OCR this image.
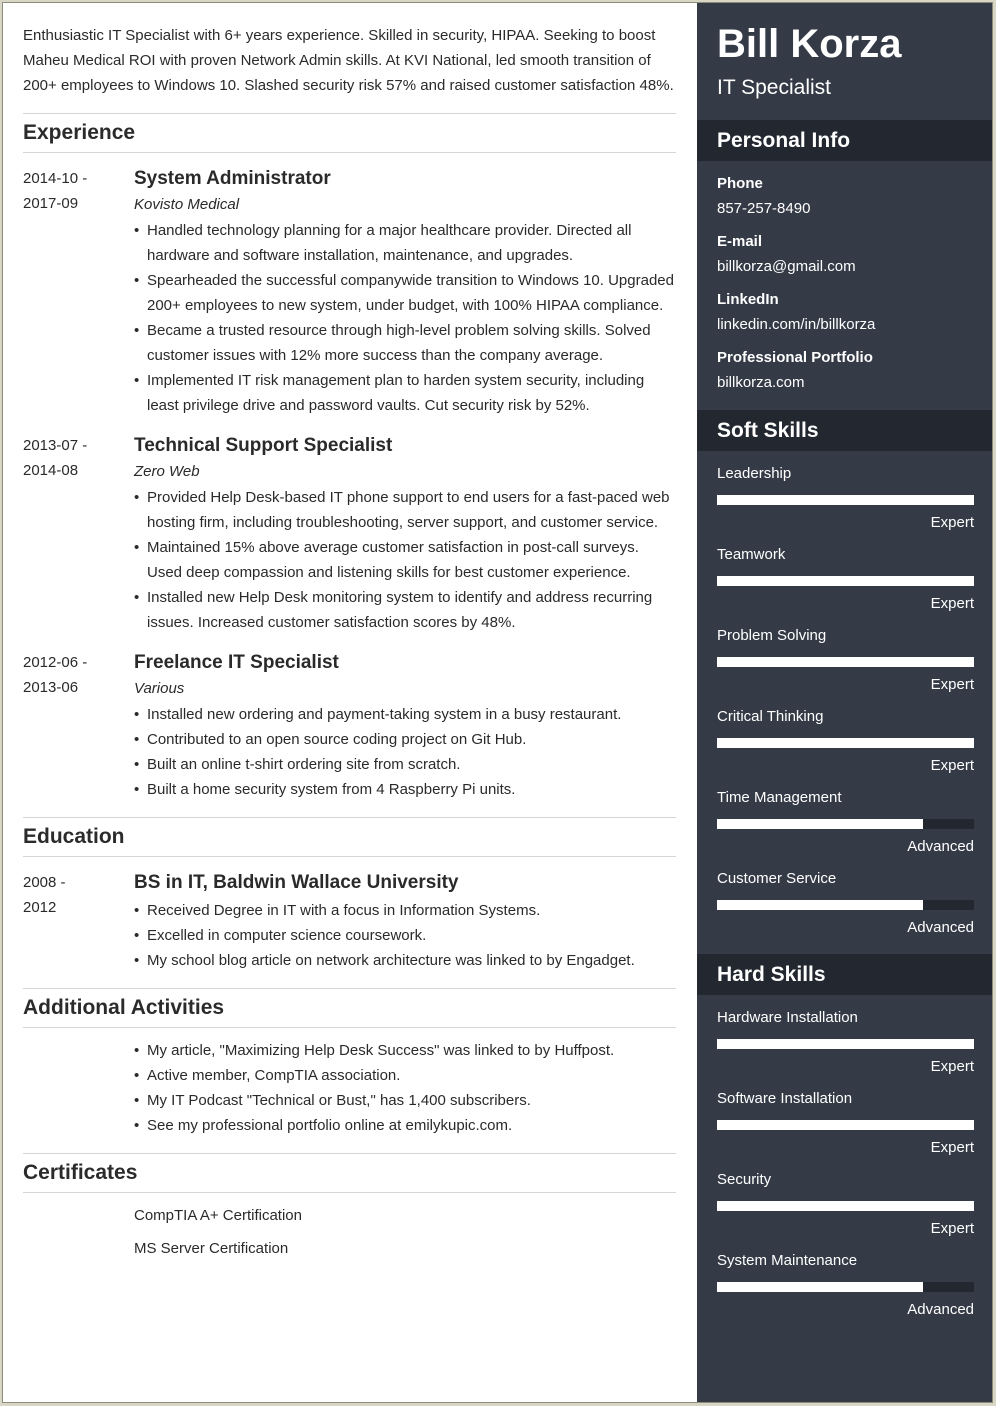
Enthusiastic IT Specialist with 6+ years experience. Skilled in security, HIPAA. Seeking to boost Maheu Medical ROI with proven Network Admin skills. At KVI National, led smooth transition of 200+ employees to Windows 10. Slashed security risk 57% and raised customer satisfaction 48%.

Experience
2014-10 -
2017-09
System Administrator
Kovisto Medical
• Handled technology planning for a major healthcare provider. Directed all hardware and software installation, maintenance, and upgrades.
• Spearheaded the successful companywide transition to Windows 10. Upgraded 200+ employees to new system, under budget, with 100% HIPAA compliance.
• Became a trusted resource through high-level problem solving skills. Solved customer issues with 12% more success than the company average.
• Implemented IT risk management plan to harden system security, including least privilege drive and password vaults. Cut security risk by 52%.
2013-07 -
2014-08
Technical Support Specialist
Zero Web
• Provided Help Desk-based IT phone support to end users for a fast-paced web hosting firm, including troubleshooting, server support, and customer service.
• Maintained 15% above average customer satisfaction in post-call surveys. Used deep compassion and listening skills for best customer experience.
• Installed new Help Desk monitoring system to identify and address recurring issues. Increased customer satisfaction scores by 48%.
2012-06 -
2013-06
Freelance IT Specialist
Various
• Installed new ordering and payment-taking system in a busy restaurant.
• Contributed to an open source coding project on Git Hub.
• Built an online t-shirt ordering site from scratch.
• Built a home security system from 4 Raspberry Pi units.
Education
2008 -
2012
BS in IT, Baldwin Wallace University
• Received Degree in IT with a focus in Information Systems.
• Excelled in computer science coursework.
• My school blog article on network architecture was linked to by Engadget.
Additional Activities
• My article, "Maximizing Help Desk Success" was linked to by Huffpost.
• Active member, CompTIA association.
• My IT Podcast "Technical or Bust," has 1,400 subscribers.
• See my professional portfolio online at emilykupic.com.
Certificates
CompTIA A+ Certification
MS Server Certification
Bill Korza
IT Specialist
Personal Info
Phone
857-257-8490
E-mail
billkorza@gmail.com
LinkedIn
linkedin.com/in/billkorza
Professional Portfolio
billkorza.com
Soft Skills
Leadership
Expert
Teamwork
Expert
Problem Solving
Expert
Critical Thinking
Expert
Time Management
Advanced
Customer Service
Advanced
Hard Skills
Hardware Installation
Expert
Software Installation
Expert
Security
Expert
System Maintenance
Advanced
